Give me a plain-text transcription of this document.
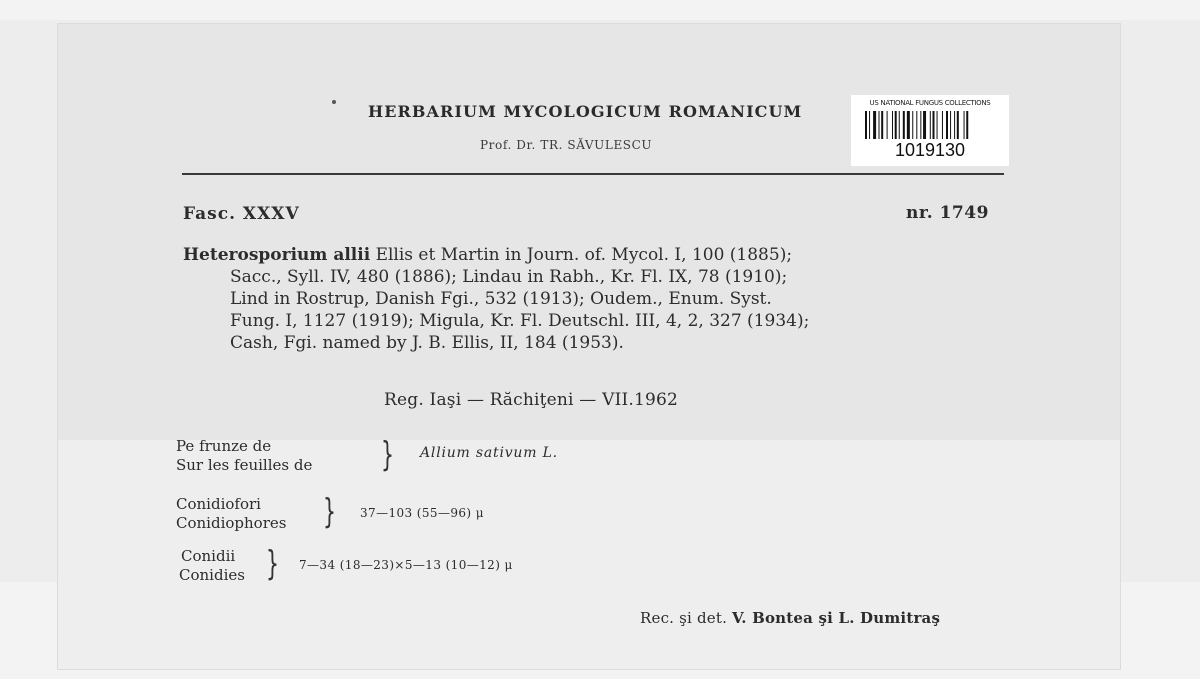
HERBARIUM MYCOLOGICUM ROMANICUM
Prof. Dr. TR. SĂVULESCU
US NATIONAL FUNGUS COLLECTIONS
1019130
Fasc. XXXV	nr. 1749
Heterosporium allii Ellis et Martin in Journ. of. Mycol. I, 100 (1885);
Sacc., Syll. IV, 480 (1886); Lindau in Rabh., Kr. Fl. IX, 78 (1910);
Lind in Rostrup, Danish Fgi., 532 (1913); Oudem., Enum. Syst.
Fung. I, 1127 (1919); Migula, Kr. Fl. Deutschl. III, 4, 2, 327 (1934);
Cash, Fgi. named by J. B. Ellis, II, 184 (1953).
Reg. Iaşi — Răchiţeni — VII.1962
Pe frunze de
Sur les feuilles de } Allium sativum L.
Conidiofori
Conidiophores } 37—103 (55—96) μ
Conidii
Conidies } 7—34 (18—23)×5—13 (10—12) μ
Rec. şi det. V. Bontea şi L. Dumitraş
